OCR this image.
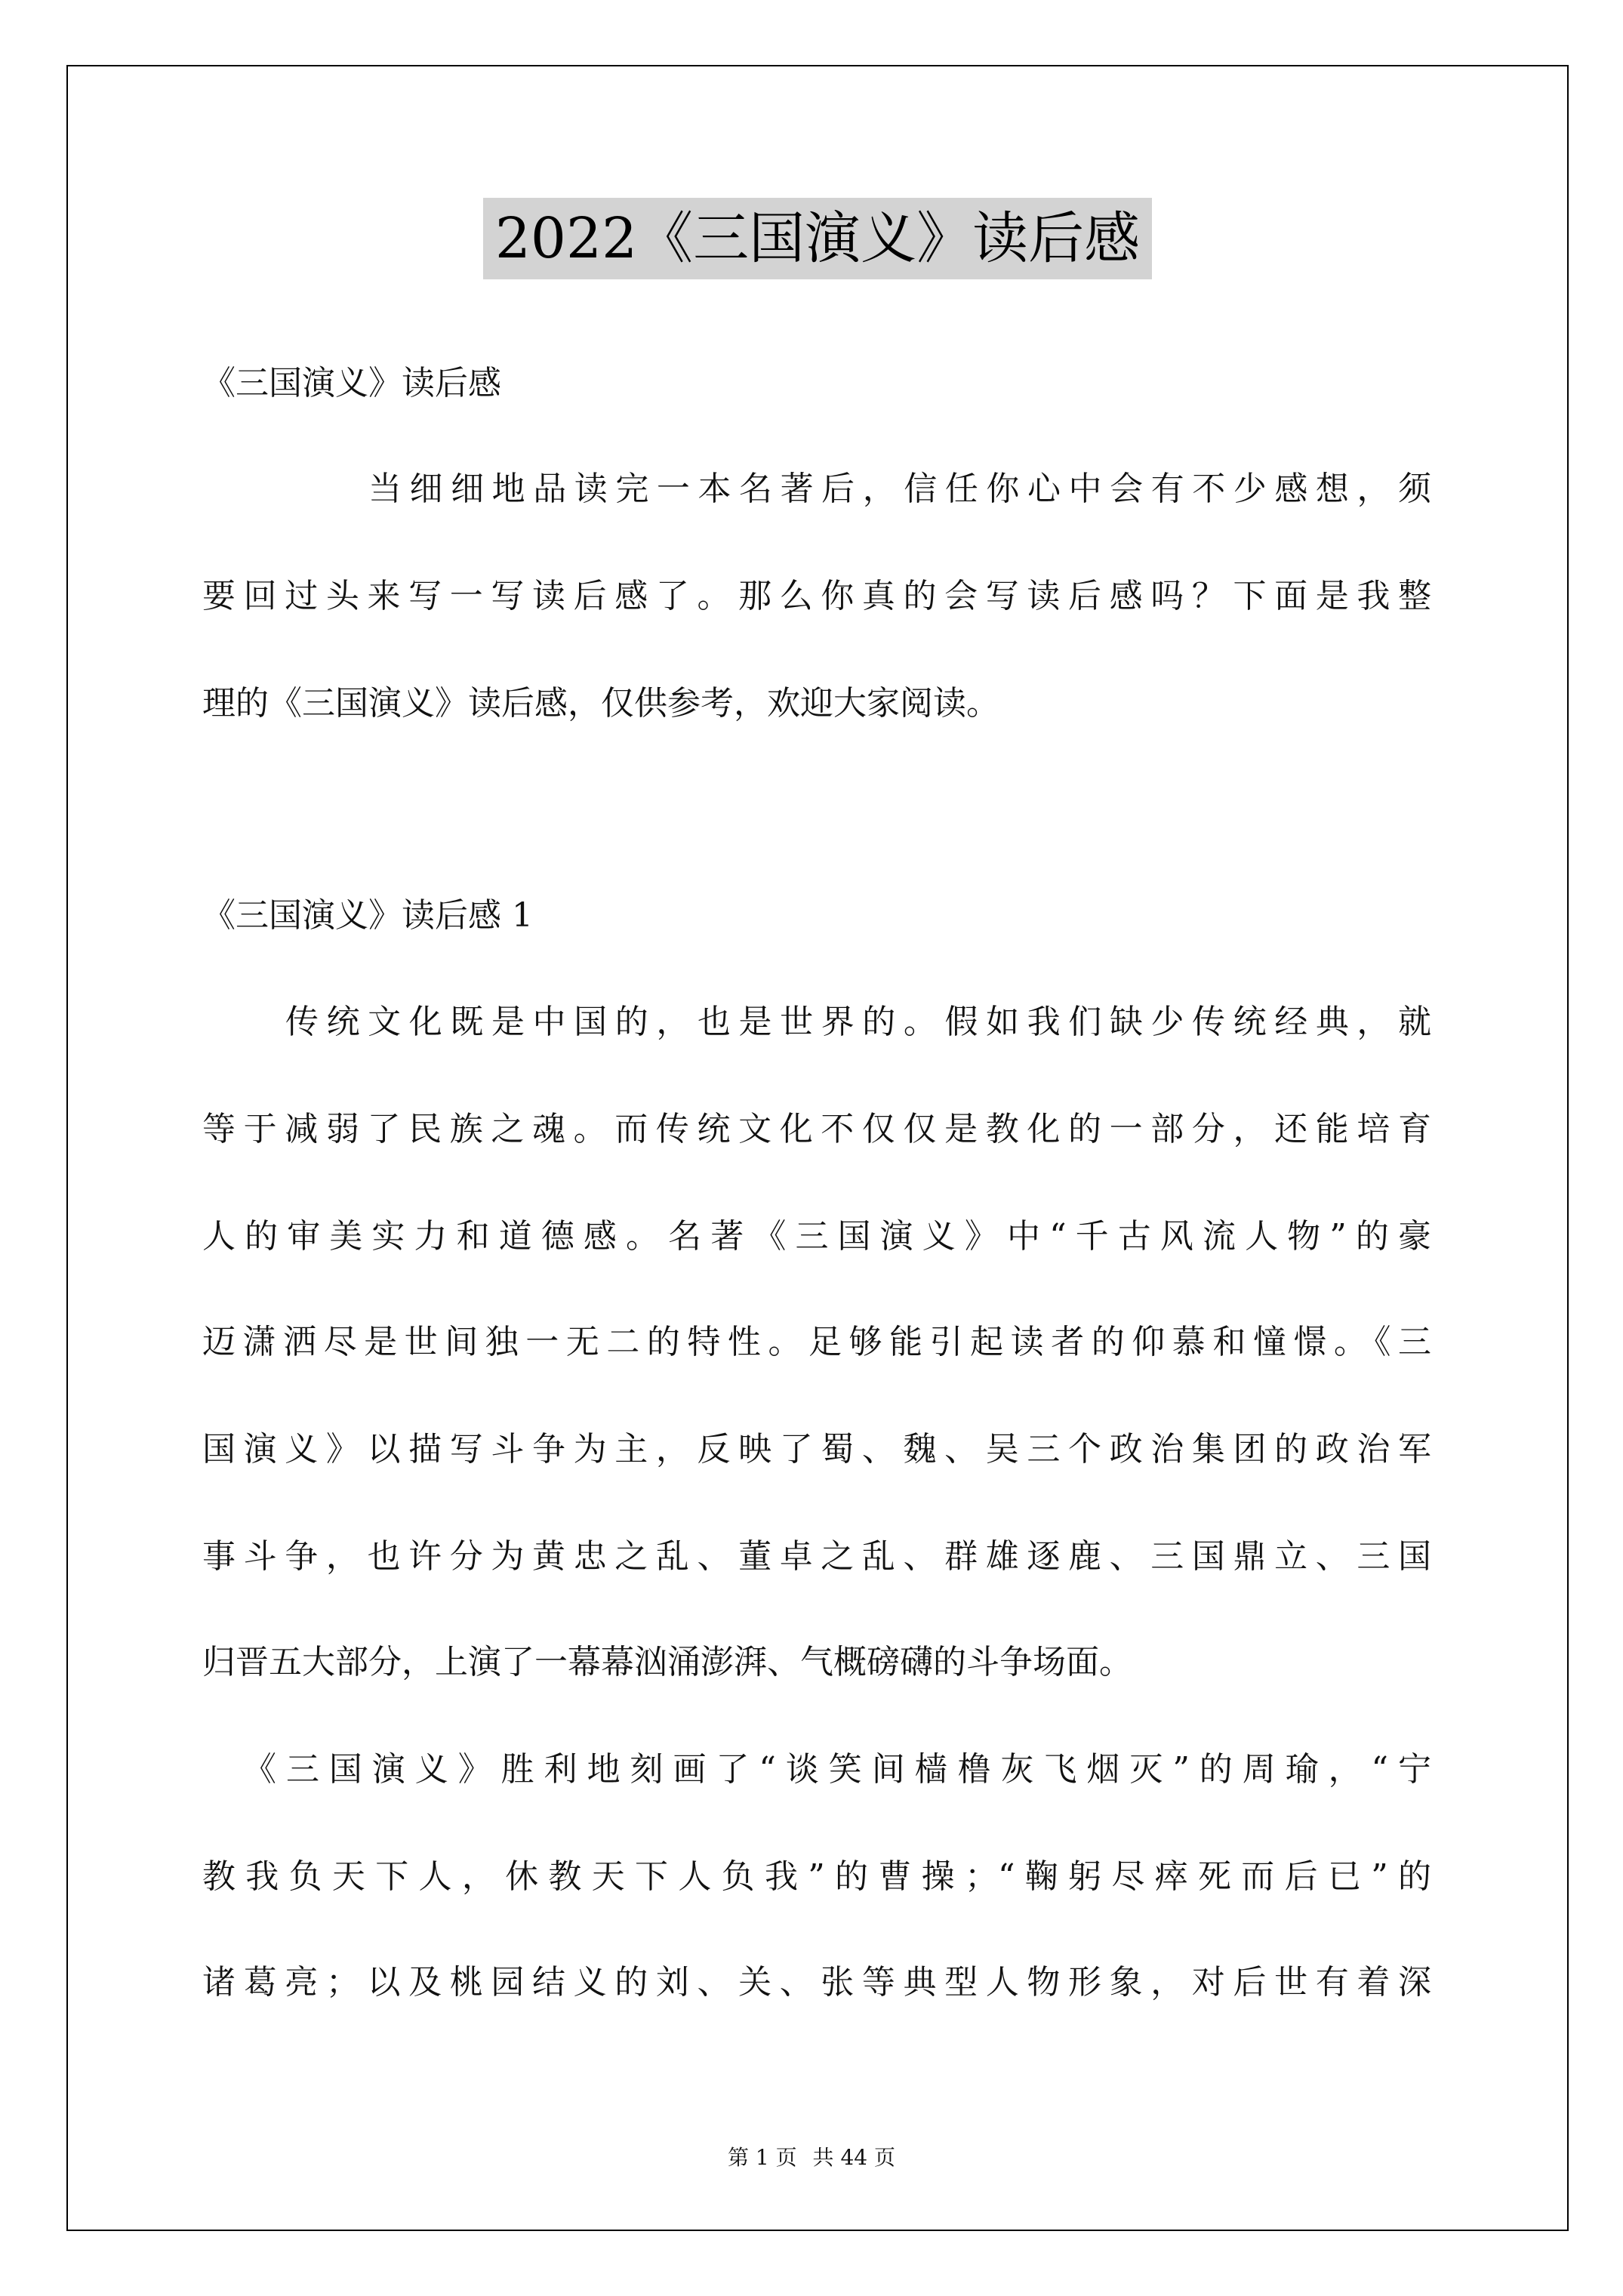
2022《三国演义》读后感

《三国演义》读后感

当细细地品读完一本名著后，信任你心中会有不少感想，须

要回过头来写一写读后感了。那么你真的会写读后感吗？下面是我整

理的《三国演义》读后感，仅供参考，欢迎大家阅读。

《三国演义》读后感 1

传统文化既是中国的，也是世界的。假如我们缺少传统经典，就

等于减弱了民族之魂。而传统文化不仅仅是教化的一部分，还能培育

人的审美实力和道德感。名著《三国演义》中“千古风流人物”的豪

迈潇洒尽是世间独一无二的特性。足够能引起读者的仰慕和憧憬。《三

国演义》以描写斗争为主，反映了蜀、魏、吴三个政治集团的政治军

事斗争，也许分为黄忠之乱、董卓之乱、群雄逐鹿、三国鼎立、三国

归晋五大部分，上演了一幕幕汹涌澎湃、气概磅礴的斗争场面。

《三国演义》胜利地刻画了“谈笑间樯橹灰飞烟灭”的周瑜，“宁

教我负天下人，休教天下人负我”的曹操；“鞠躬尽瘁死而后已”的

诸葛亮；以及桃园结义的刘、关、张等典型人物形象，对后世有着深

第 1 页 共 44 页
